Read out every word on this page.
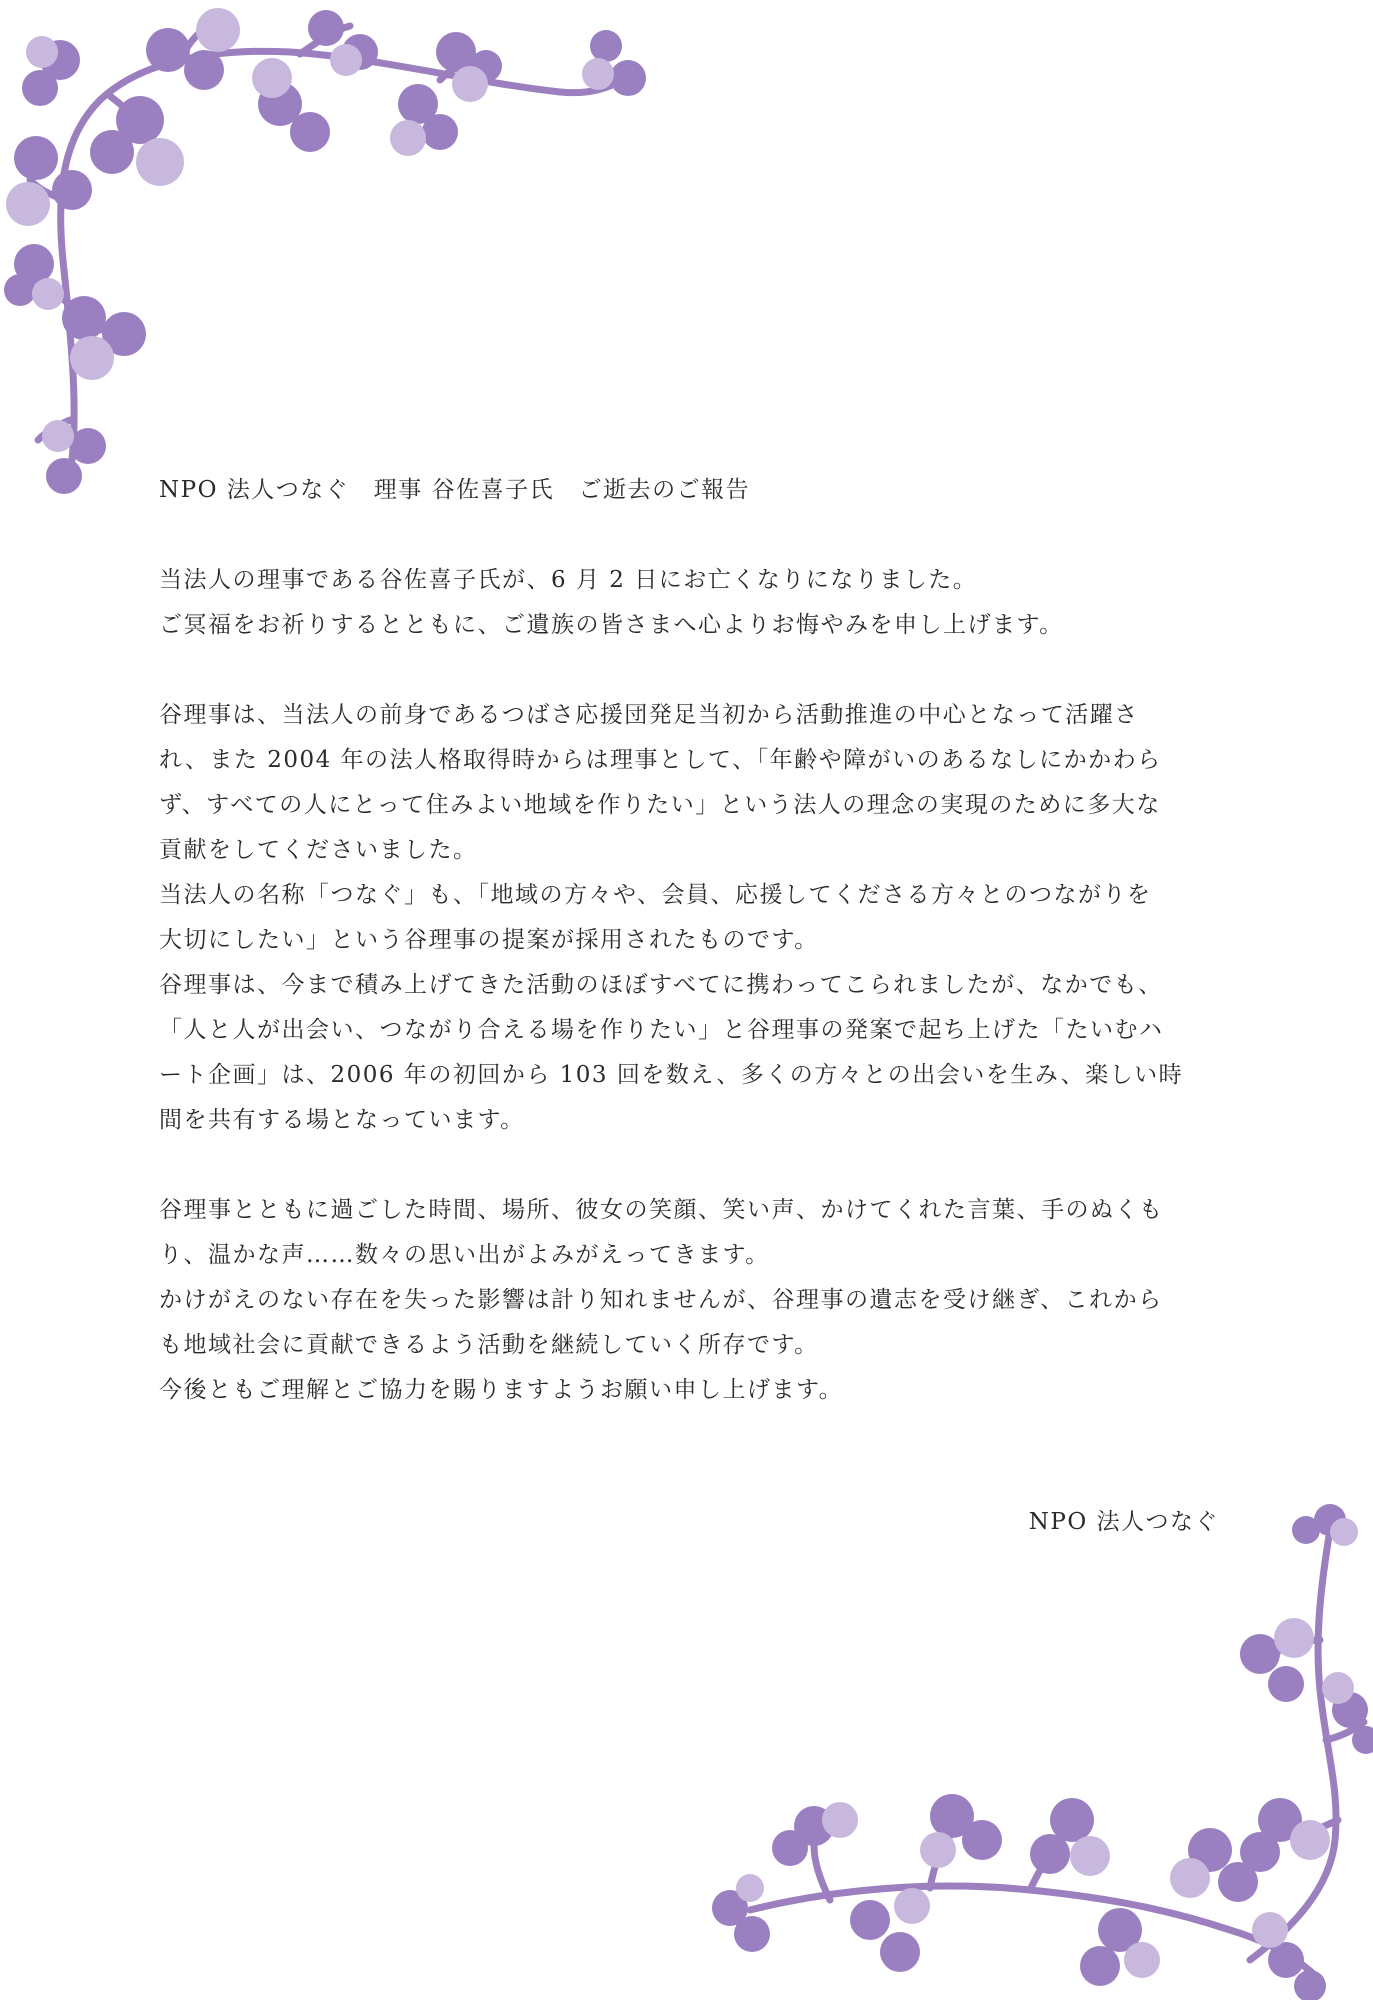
NPO 法人つなぐ　理事 谷佐喜子氏　ご逝去のご報告

当法人の理事である谷佐喜子氏が、6 月 2 日にお亡くなりになりました。

ご冥福をお祈りするとともに、ご遺族の皆さまへ心よりお悔やみを申し上げます。

谷理事は、当法人の前身であるつばさ応援団発足当初から活動推進の中心となって活躍さ

れ、また 2004 年の法人格取得時からは理事として、「年齢や障がいのあるなしにかかわら

ず、すべての人にとって住みよい地域を作りたい」という法人の理念の実現のために多大な

貢献をしてくださいました。

当法人の名称「つなぐ」も、「地域の方々や、会員、応援してくださる方々とのつながりを

大切にしたい」という谷理事の提案が採用されたものです。

谷理事は、今まで積み上げてきた活動のほぼすべてに携わってこられましたが、なかでも、

「人と人が出会い、つながり合える場を作りたい」と谷理事の発案で起ち上げた「たいむハ

ート企画」は、2006 年の初回から 103 回を数え、多くの方々との出会いを生み、楽しい時

間を共有する場となっています。

谷理事とともに過ごした時間、場所、彼女の笑顔、笑い声、かけてくれた言葉、手のぬくも

り、温かな声……数々の思い出がよみがえってきます。

かけがえのない存在を失った影響は計り知れませんが、谷理事の遺志を受け継ぎ、これから

も地域社会に貢献できるよう活動を継続していく所存です。

今後ともご理解とご協力を賜りますようお願い申し上げます。

NPO 法人つなぐ
